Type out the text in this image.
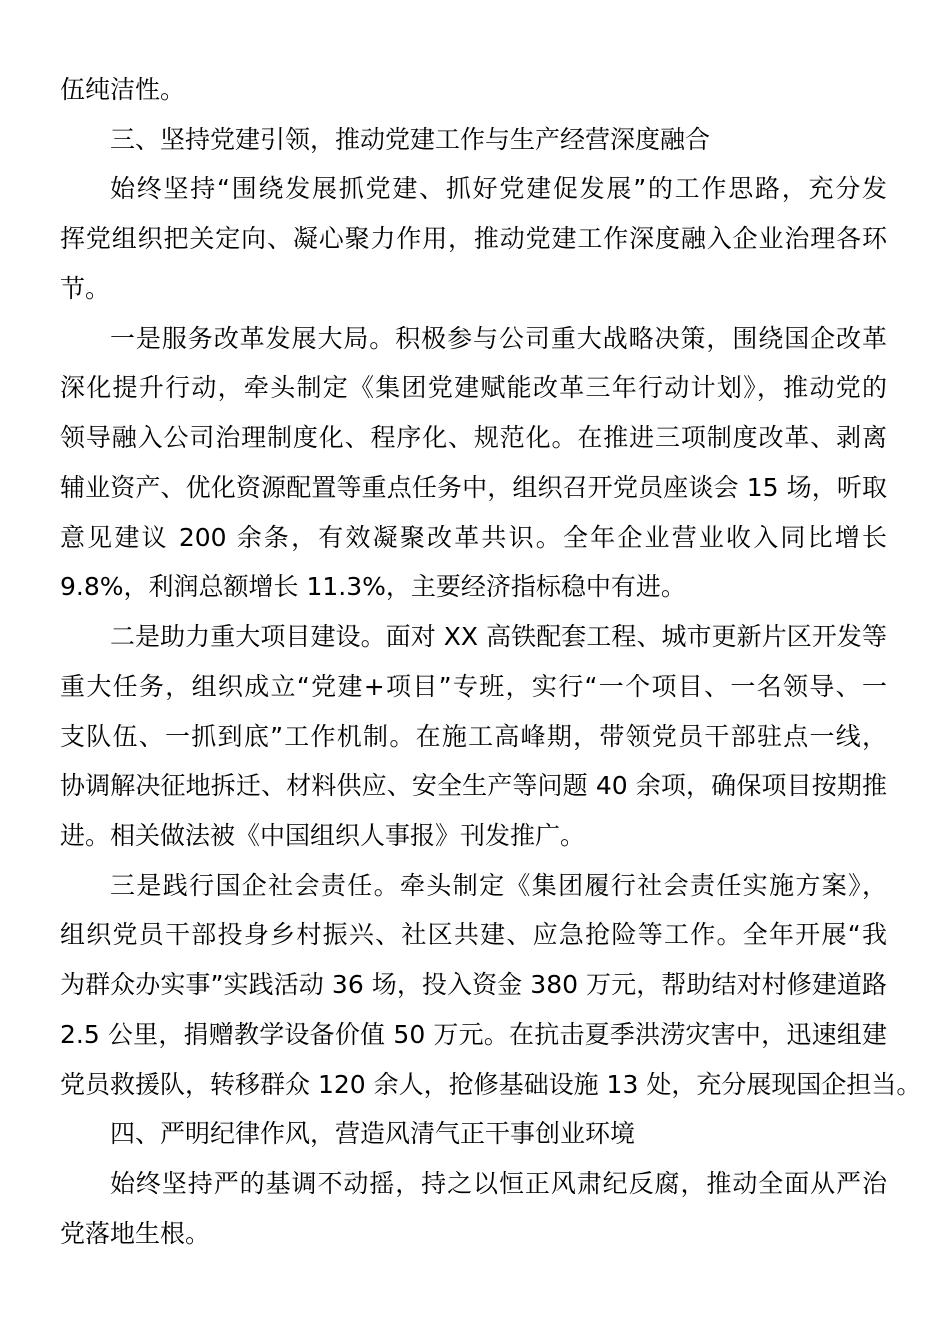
伍纯洁性。
三、坚持党建引领，推动党建工作与生产经营深度融合
始终坚持“围绕发展抓党建、抓好党建促发展”的工作思路，充分发
挥党组织把关定向、凝心聚力作用，推动党建工作深度融入企业治理各环
节。
一是服务改革发展大局。积极参与公司重大战略决策，围绕国企改革
深化提升行动，牵头制定《集团党建赋能改革三年行动计划》，推动党的
领导融入公司治理制度化、程序化、规范化。在推进三项制度改革、剥离
辅业资产、优化资源配置等重点任务中，组织召开党员座谈会 15 场，听取
意见建议 200 余条，有效凝聚改革共识。全年企业营业收入同比增长
9.8%，利润总额增长 11.3%，主要经济指标稳中有进。
二是助力重大项目建设。面对 XX 高铁配套工程、城市更新片区开发等
重大任务，组织成立“党建+项目”专班，实行“一个项目、一名领导、一
支队伍、一抓到底”工作机制。在施工高峰期，带领党员干部驻点一线，
协调解决征地拆迁、材料供应、安全生产等问题 40 余项，确保项目按期推
进。相关做法被《中国组织人事报》刊发推广。
三是践行国企社会责任。牵头制定《集团履行社会责任实施方案》，
组织党员干部投身乡村振兴、社区共建、应急抢险等工作。全年开展“我
为群众办实事”实践活动 36 场，投入资金 380 万元，帮助结对村修建道路
2.5 公里，捐赠教学设备价值 50 万元。在抗击夏季洪涝灾害中，迅速组建
党员救援队，转移群众 120 余人，抢修基础设施 13 处，充分展现国企担当。
四、严明纪律作风，营造风清气正干事创业环境
始终坚持严的基调不动摇，持之以恒正风肃纪反腐，推动全面从严治
党落地生根。
